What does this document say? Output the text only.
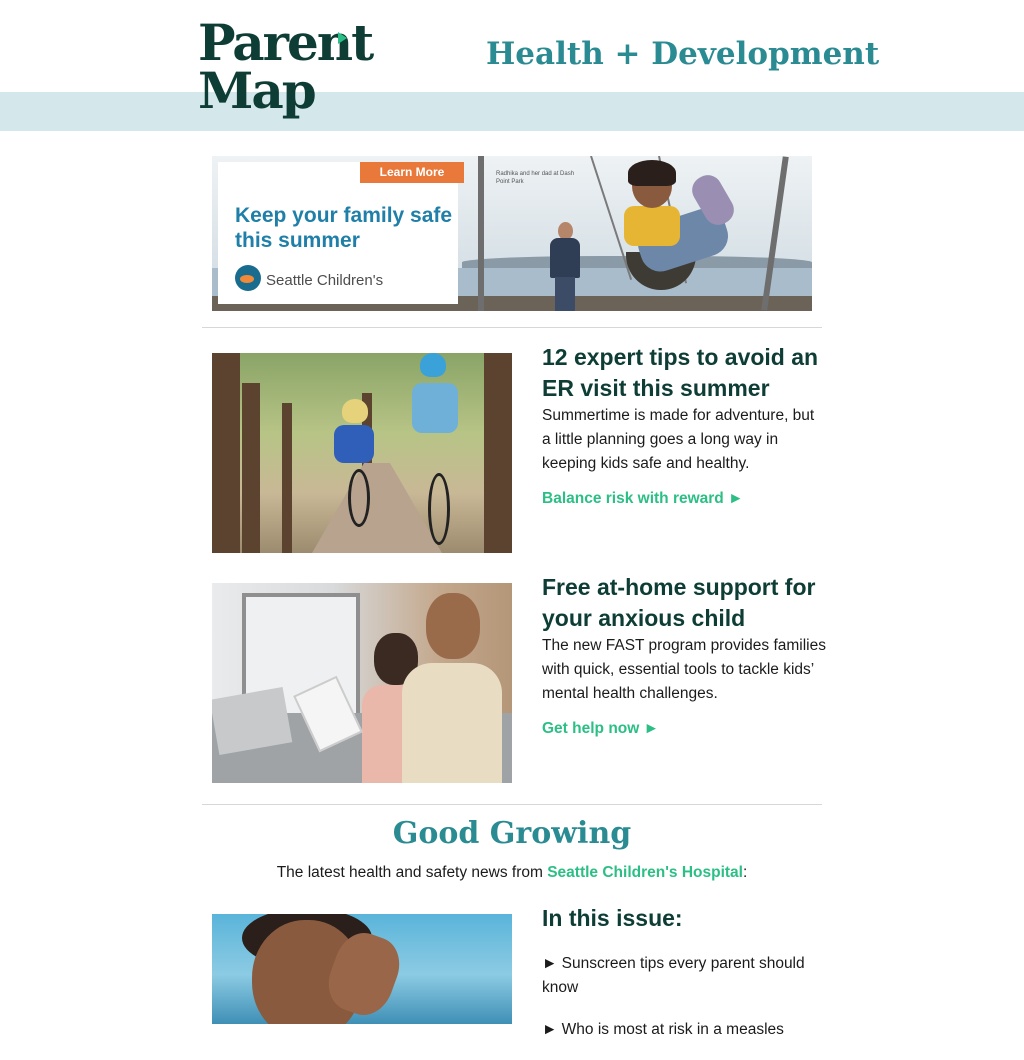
Parent
Map
Health + Development
Radhika and her dad at Dash Point Park
Learn More
Keep your family safe this summer
Seattle Children's
12 expert tips to avoid an ER visit this summer
Summertime is made for adventure, but a little planning goes a long way in keeping kids safe and healthy.
Balance risk with reward ►
Free at-home support for your anxious child
The new FAST program provides families with quick, essential tools to tackle kids’ mental health challenges.
Get help now ►
Good Growing
The latest health and safety news from Seattle Children's Hospital:
In this issue:
► Sunscreen tips every parent should know
► Who is most at risk in a measles
